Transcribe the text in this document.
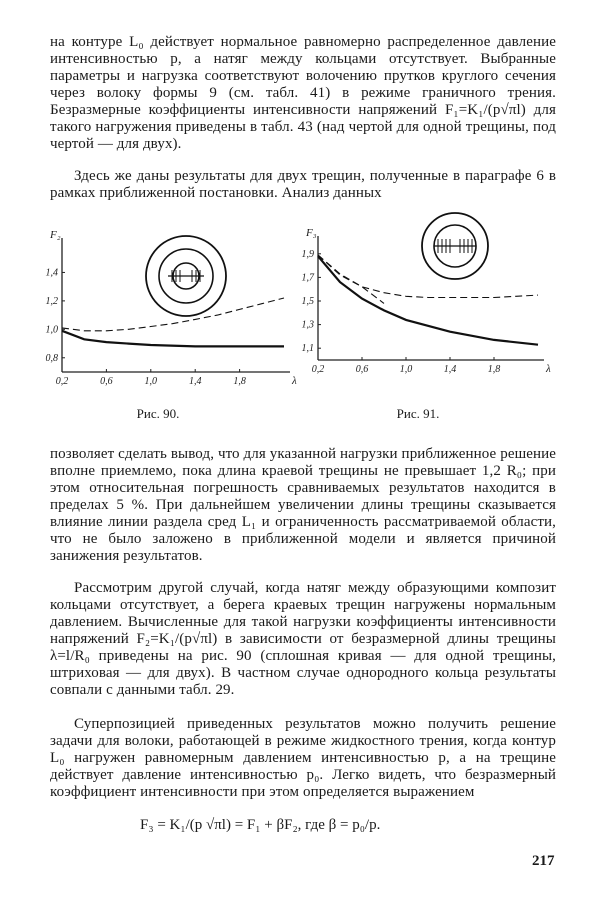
на контуре L₀ действует нормальное равномерно распределенное давление интенсивностью p, а натяг между кольцами отсутствует. Выбранные параметры и нагрузка соответствуют волочению прутков круглого сечения через волоку формы 9 (см. табл. 41) в режиме граничного трения. Безразмерные коэффициенты интенсивности напряжений F₁=K₁/(p√πl) для такого нагружения приведены в табл. 43 (над чертой для одной трещины, под чертой — для двух).

Здесь же даны результаты для двух трещин, полученные в параграфе 6 в рамках приближенной постановки. Анализ данных

0,8
1,0
1,2
1,4
0,2	0,6	1,0	1,4	1,8
F₂
λ
Рис. 90.
1,1
1,3
1,5
1,7
1,9
0,2	0,6	1,0	1,4	1,8
F₃
λ
Рис. 91.

позволяет сделать вывод, что для указанной нагрузки приближенное решение вполне приемлемо, пока длина краевой трещины не превышает 1,2 R₀; при этом относительная погрешность сравниваемых результатов находится в пределах 5 %. При дальнейшем увеличении длины трещины сказывается влияние линии раздела сред L₁ и ограниченность рассматриваемой области, что не было заложено в приближенной модели и является причиной занижения результатов.

Рассмотрим другой случай, когда натяг между образующими композит кольцами отсутствует, а берега краевых трещин нагружены нормальным давлением. Вычисленные для такой нагрузки коэффициенты интенсивности напряжений F₂=K₁/(p√πl) в зависимости от безразмерной длины трещины λ=l/R₀ приведены на рис. 90 (сплошная кривая — для одной трещины, штриховая — для двух). В частном случае однородного кольца результаты совпали с данными табл. 29.

Суперпозицией приведенных результатов можно получить решение задачи для волоки, работающей в режиме жидкостного трения, когда контур L₀ нагружен равномерным давлением интенсивностью p, а на трещине действует давление интенсивностью p₀. Легко видеть, что безразмерный коэффициент интенсивности при этом определяется выражением

F₃ = K₁/(p √πl) = F₁ + βF₂, где β = p₀/p.
217
